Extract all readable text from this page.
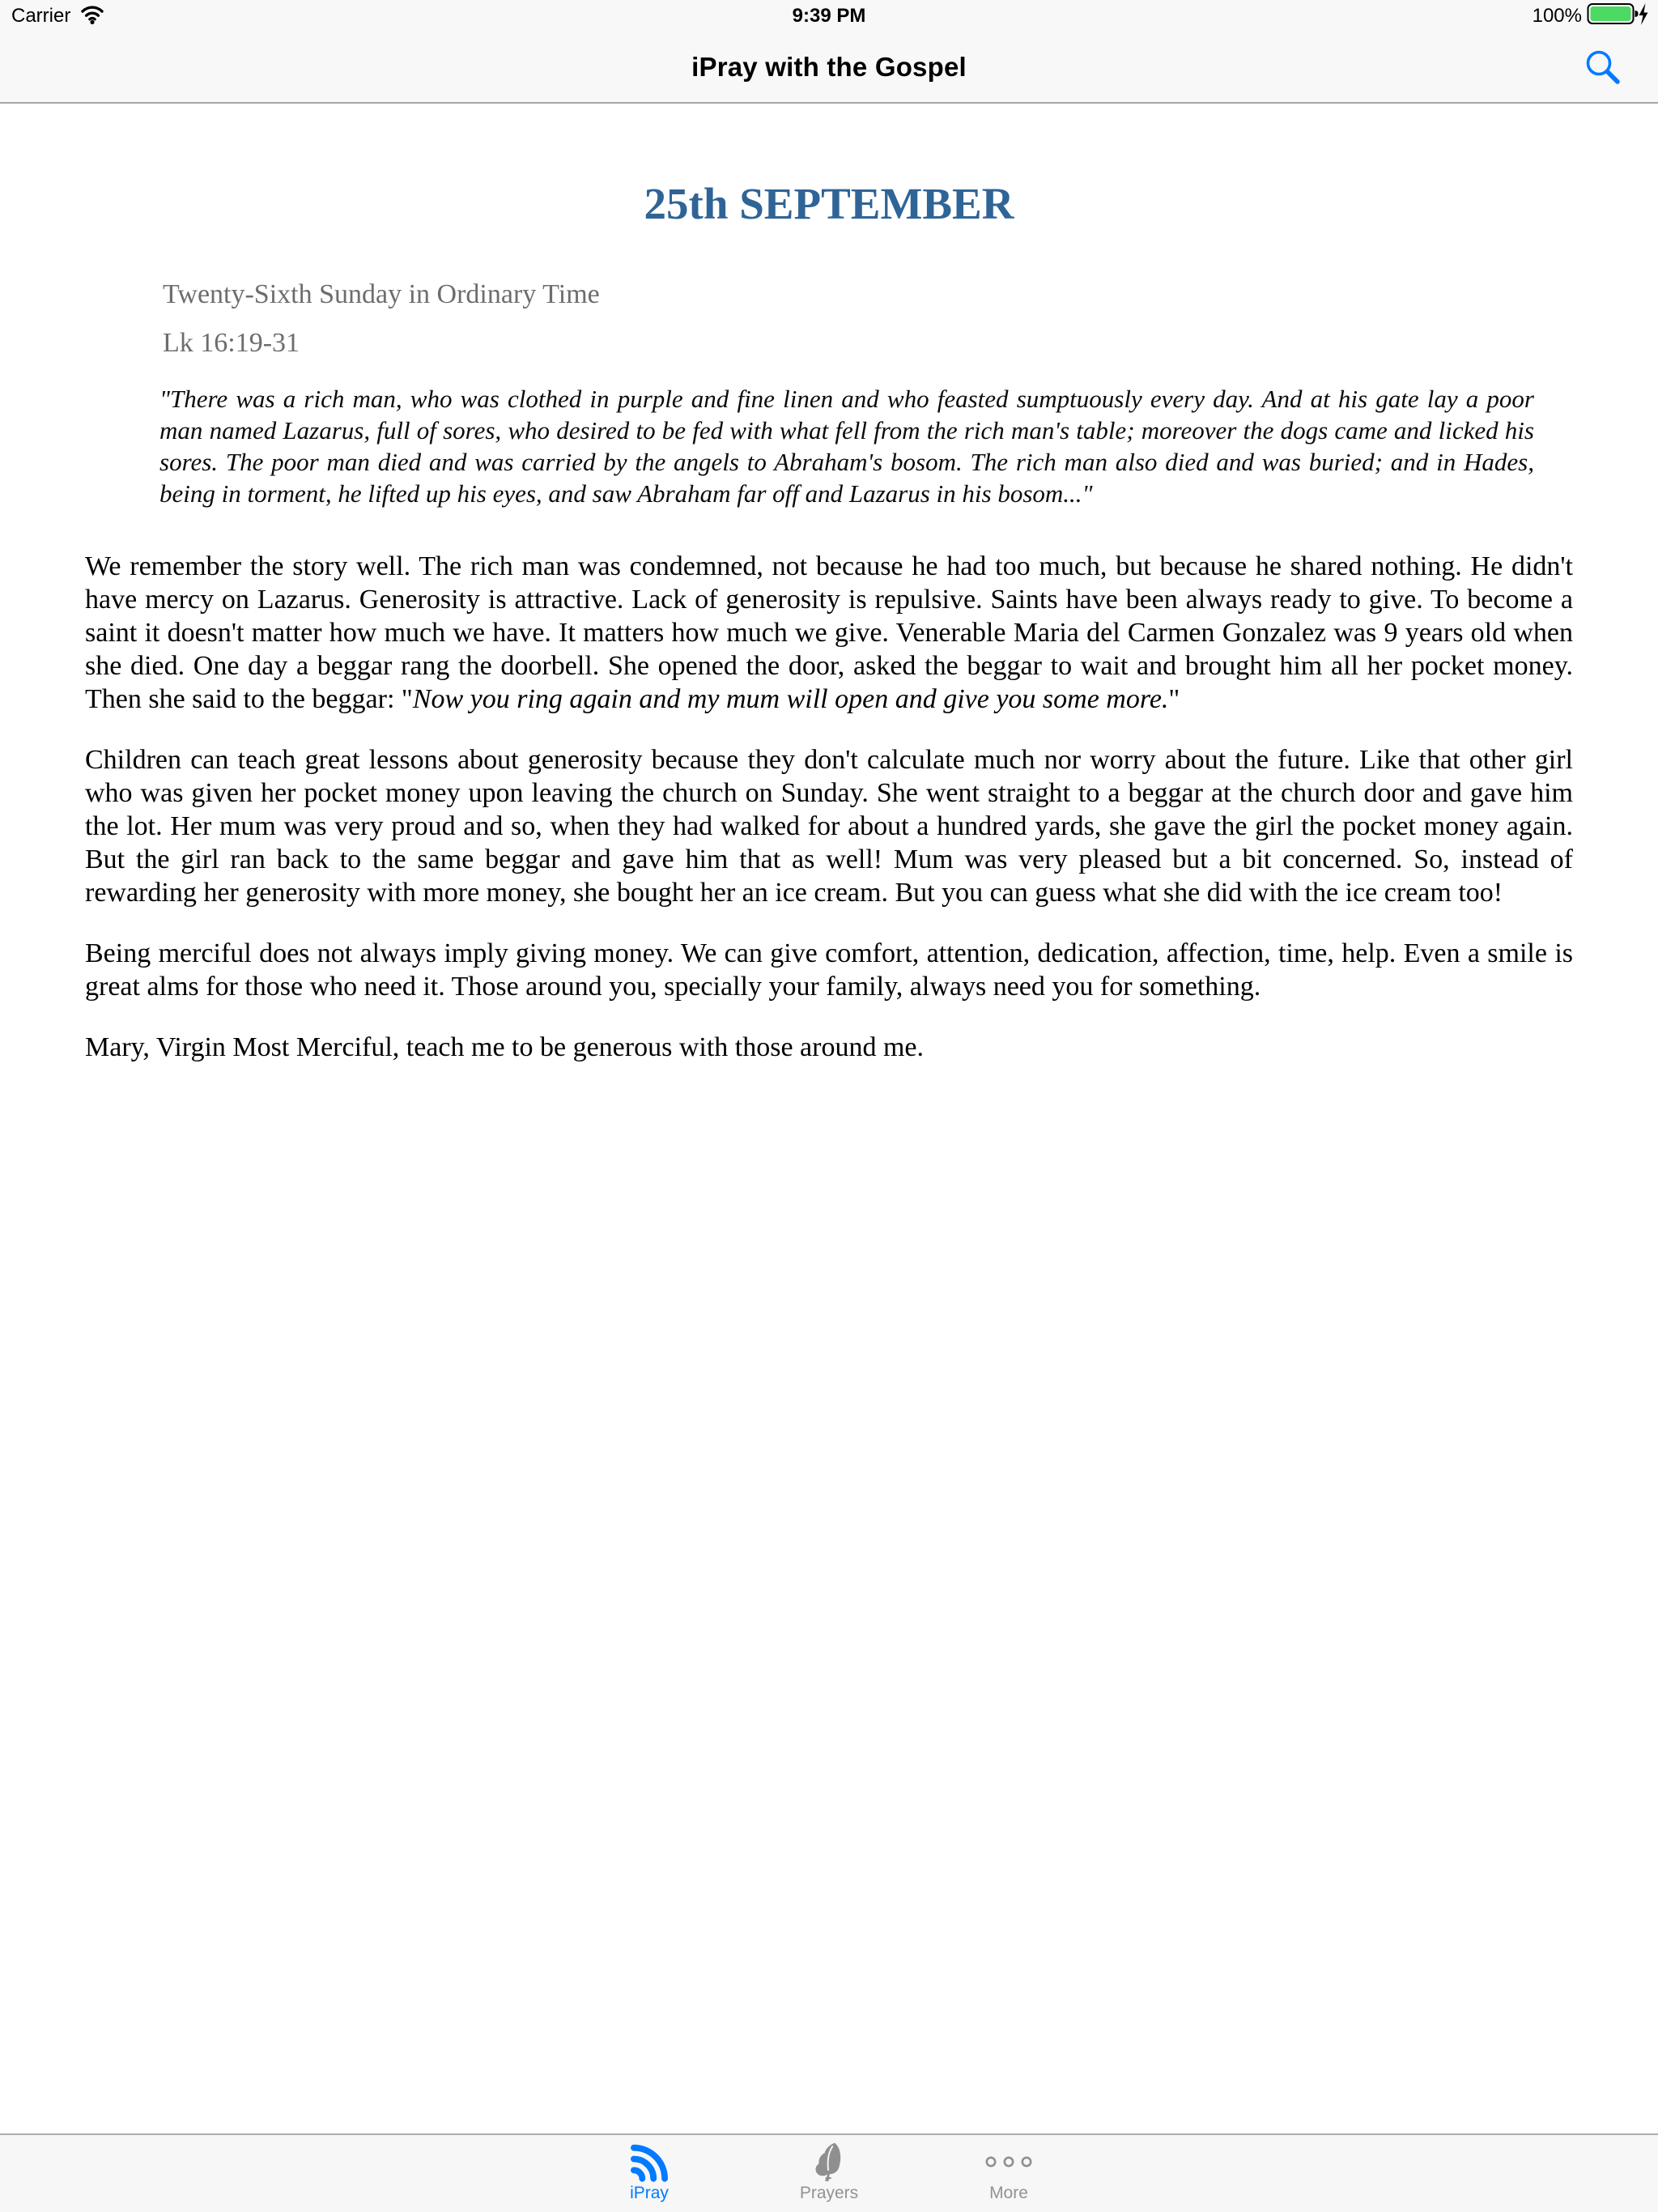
Carrier	9:39 PM	100%
iPray with the Gospel
25th SEPTEMBER
Twenty-Sixth Sunday in Ordinary Time
Lk 16:19-31
"There was a rich man, who was clothed in purple and fine linen and who feasted sumptuously every day. And at his gate lay a poor man named Lazarus, full of sores, who desired to be fed with what fell from the rich man's table; moreover the dogs came and licked his sores. The poor man died and was carried by the angels to Abraham's bosom. The rich man also died and was buried; and in Hades, being in torment, he lifted up his eyes, and saw Abraham far off and Lazarus in his bosom..."

We remember the story well. The rich man was condemned, not because he had too much, but because he shared nothing. He didn't have mercy on Lazarus. Generosity is attractive. Lack of generosity is repulsive. Saints have been always ready to give. To become a saint it doesn't matter how much we have. It matters how much we give. Venerable Maria del Carmen Gonzalez was 9 years old when she died. One day a beggar rang the doorbell. She opened the door, asked the beggar to wait and brought him all her pocket money. Then she said to the beggar: "Now you ring again and my mum will open and give you some more."

Children can teach great lessons about generosity because they don't calculate much nor worry about the future. Like that other girl who was given her pocket money upon leaving the church on Sunday. She went straight to a beggar at the church door and gave him the lot. Her mum was very proud and so, when they had walked for about a hundred yards, she gave the girl the pocket money again. But the girl ran back to the same beggar and gave him that as well! Mum was very pleased but a bit concerned. So, instead of rewarding her generosity with more money, she bought her an ice cream. But you can guess what she did with the ice cream too!

Being merciful does not always imply giving money. We can give comfort, attention, dedication, affection, time, help. Even a smile is great alms for those who need it. Those around you, specially your family, always need you for something.

Mary, Virgin Most Merciful, teach me to be generous with those around me.

iPray	Prayers	More
